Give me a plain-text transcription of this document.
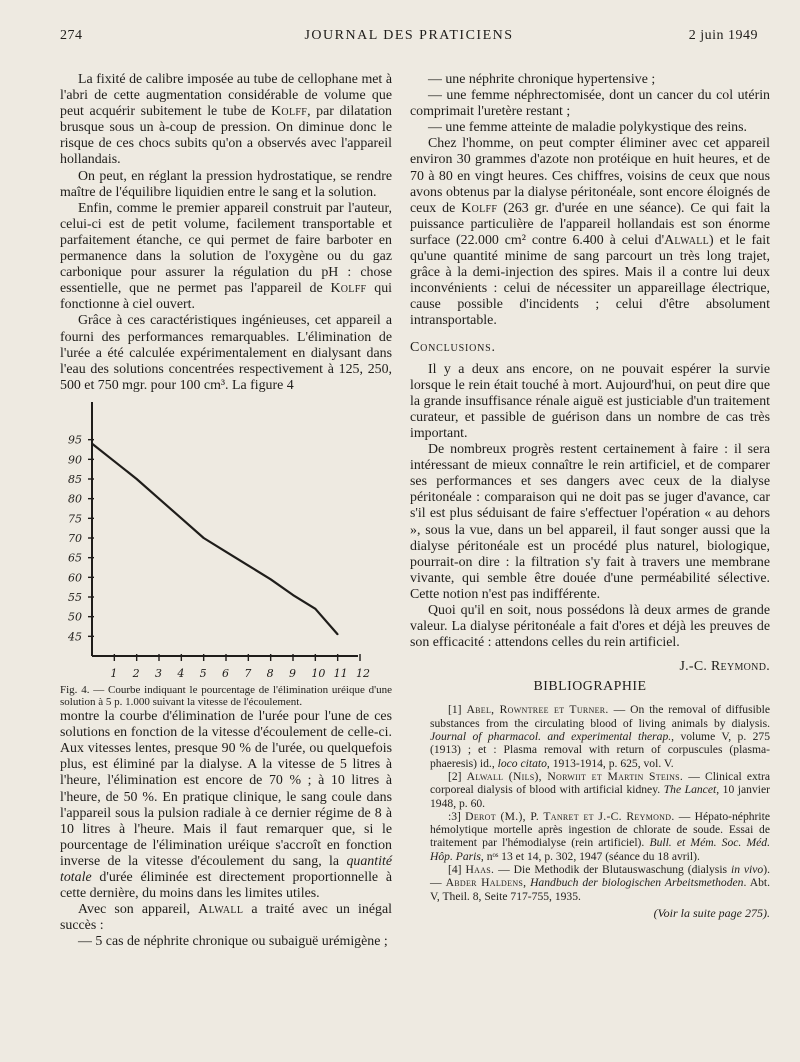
274	JOURNAL DES PRATICIENS	2 juin 1949

La fixité de calibre imposée au tube de cellophane met à l'abri de cette augmentation considérable de volume que peut acquérir subitement le tube de Kolff, par dilatation brusque sous un à-coup de pression. On diminue donc le risque de ces chocs subits qu'on a observés avec l'appareil hollandais.

On peut, en réglant la pression hydrostatique, se rendre maître de l'équilibre liquidien entre le sang et la solution.

Enfin, comme le premier appareil construit par l'auteur, celui-ci est de petit volume, facilement transportable et parfaitement étanche, ce qui permet de faire barboter en permanence dans la solution de l'oxygène ou du gaz carbonique pour assurer la régulation du pH : chose essentielle, que ne permet pas l'appareil de Kolff qui fonctionne à ciel ouvert.

Grâce à ces caractéristiques ingénieuses, cet appareil a fourni des performances remarquables. L'élimination de l'urée a été calculée expérimentalement en dialysant dans l'eau des solutions concentrées respectivement à 125, 250, 500 et 750 mgr. pour 100 cm³. La figure 4

95
90
85
80
75
70
65
60
55
50
45
1 2 3 4 5 6 7 8 9 10 11 12

Fig. 4. — Courbe indiquant le pourcentage de l'élimination uréique d'une solution à 5 p. 1.000 suivant la vitesse de l'écoulement.

montre la courbe d'élimination de l'urée pour l'une de ces solutions en fonction de la vitesse d'écoulement de celle-ci. Aux vitesses lentes, presque 90 % de l'urée, ou quelquefois plus, est éliminé par la dialyse. A la vitesse de 5 litres à l'heure, l'élimination est encore de 70 % ; à 10 litres à l'heure, de 50 %. En pratique clinique, le sang coule dans l'appareil sous la pulsion radiale à ce dernier régime de 8 à 10 litres à l'heure. Mais il faut remarquer que, si le pourcentage de l'élimination uréique s'accroît en fonction inverse de la vitesse d'écoulement du sang, la quantité totale d'urée éliminée est directement proportionnelle à cette dernière, du moins dans les limites utiles.

Avec son appareil, Alwall a traité avec un inégal succès :

— 5 cas de néphrite chronique ou subaiguë urémigène ;

— une néphrite chronique hypertensive ;

— une femme néphrectomisée, dont un cancer du col utérin comprimait l'uretère restant ;

— une femme atteinte de maladie polykystique des reins.

Chez l'homme, on peut compter éliminer avec cet appareil environ 30 grammes d'azote non protéique en huit heures, et de 70 à 80 en vingt heures. Ces chiffres, voisins de ceux que nous avons obtenus par la dialyse péritonéale, sont encore éloignés de ceux de Kolff (263 gr. d'urée en une séance). Ce qui fait la puissance particulière de l'appareil hollandais est son énorme surface (22.000 cm² contre 6.400 à celui d'Alwall) et le fait qu'une quantité minime de sang parcourt un très long trajet, grâce à la demi-injection des spires. Mais il a contre lui deux inconvénients : celui de nécessiter un appareillage électrique, cause possible d'incidents ; celui d'être absolument intransportable.

Conclusions.

Il y a deux ans encore, on ne pouvait espérer la survie lorsque le rein était touché à mort. Aujourd'hui, on peut dire que la grande insuffisance rénale aiguë est justiciable d'un traitement curateur, et passible de guérison dans un nombre de cas très important.

De nombreux progrès restent certainement à faire : il sera intéressant de mieux connaître le rein artificiel, et de comparer ses performances et ses dangers avec ceux de la dialyse péritonéale : comparaison qui ne doit pas se juger d'avance, car s'il est plus séduisant de faire s'effectuer l'opération « au dehors », sous la vue, dans un bel appareil, il faut songer aussi que la dialyse péritonéale est un procédé plus naturel, biologique, pourrait-on dire : la filtration s'y fait à travers une membrane vivante, qui semble être douée d'une perméabilité sélective. Cette notion n'est pas indifférente.

Quoi qu'il en soit, nous possédons là deux armes de grande valeur. La dialyse péritonéale a fait d'ores et déjà les preuves de son efficacité : attendons celles du rein artificiel.

J.-C. Reymond.
BIBLIOGRAPHIE

[1] Abel, Rowntree et Turner. — On the removal of diffusible substances from the circulating blood of living animals by dialysis. Journal of pharmacol. and experimental therap., volume V, p. 275 (1913) ; et : Plasma removal with return of corpuscules (plasma-phaeresis) id., loco citato, 1913-1914, p. 625, vol. V.

[2] Alwall (Nils), Norwiit et Martin Steins. — Clinical extra corporeal dialysis of blood with artificial kidney. The Lancet, 10 janvier 1948, p. 60.

:3] Derot (M.), P. Tanret et J.-C. Reymond. — Hépato-néphrite hémolytique mortelle après ingestion de chlorate de soude. Essai de traitement par l'hémodialyse (rein artificiel). Bull. et Mém. Soc. Méd. Hôp. Paris, nᵒˢ 13 et 14, p. 302, 1947 (séance du 18 avril).

[4] Haas. — Die Methodik der Blutauswaschung (dialysis in vivo). — Abder Haldens, Handbuch der biologischen Arbeitsmethoden. Abt. V, Theil. 8, Seite 717-755, 1935.

(Voir la suite page 275).
